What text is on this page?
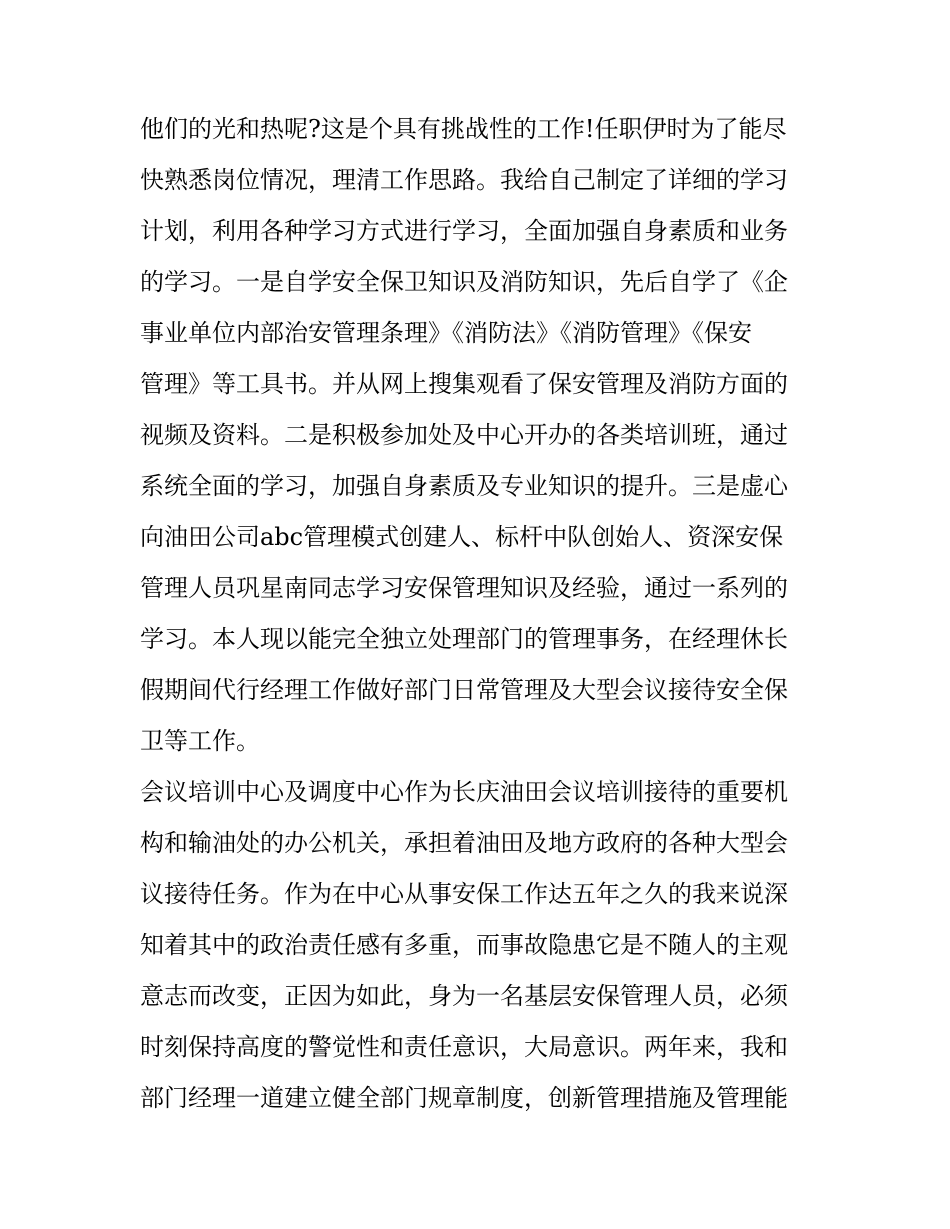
他们的光和热呢?这是个具有挑战性的工作!任职伊时为了能尽
快熟悉岗位情况，理清工作思路。我给自己制定了详细的学习
计划，利用各种学习方式进行学习，全面加强自身素质和业务
的学习。一是自学安全保卫知识及消防知识，先后自学了《企
事业单位内部治安管理条理》《消防法》《消防管理》《保安
管理》等工具书。并从网上搜集观看了保安管理及消防方面的
视频及资料。二是积极参加处及中心开办的各类培训班，通过
系统全面的学习，加强自身素质及专业知识的提升。三是虚心
向油田公司abc管理模式创建人、标杆中队创始人、资深安保
管理人员巩星南同志学习安保管理知识及经验，通过一系列的
学习。本人现以能完全独立处理部门的管理事务，在经理休长
假期间代行经理工作做好部门日常管理及大型会议接待安全保
卫等工作。
会议培训中心及调度中心作为长庆油田会议培训接待的重要机
构和输油处的办公机关，承担着油田及地方政府的各种大型会
议接待任务。作为在中心从事安保工作达五年之久的我来说深
知着其中的政治责任感有多重，而事故隐患它是不随人的主观
意志而改变，正因为如此，身为一名基层安保管理人员，必须
时刻保持高度的警觉性和责任意识，大局意识。两年来，我和
部门经理一道建立健全部门规章制度，创新管理措施及管理能
